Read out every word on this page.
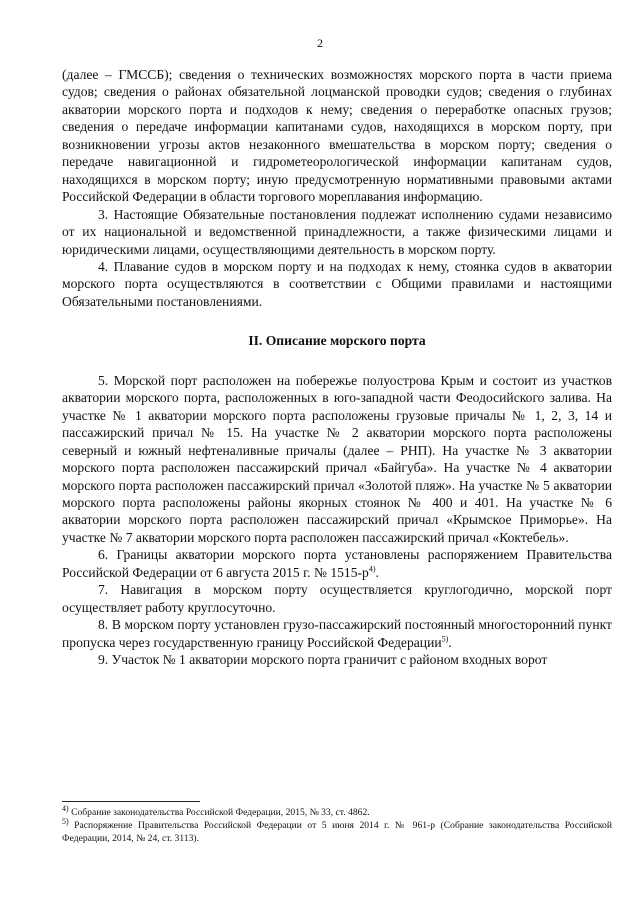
2

(далее – ГМССБ); сведения о технических возможностях морского порта в части приема судов; сведения о районах обязательной лоцманской проводки судов; сведения о глубинах акватории морского порта и подходов к нему; сведения о переработке опасных грузов; сведения о передаче информации капитанами судов, находящихся в морском порту, при возникновении угрозы актов незаконного вмешательства в морском порту; сведения о передаче навигационной и гидрометеорологической информации капитанам судов, находящихся в морском порту; иную предусмотренную нормативными правовыми актами Российской Федерации в области торгового мореплавания информацию.

3. Настоящие Обязательные постановления подлежат исполнению судами независимо от их национальной и ведомственной принадлежности, а также физическими лицами и юридическими лицами, осуществляющими деятельность в морском порту.

4. Плавание судов в морском порту и на подходах к нему, стоянка судов в акватории морского порта осуществляются в соответствии с Общими правилами и настоящими Обязательными постановлениями.

II. Описание морского порта

5. Морской порт расположен на побережье полуострова Крым и состоит из участков акватории морского порта, расположенных в юго-западной части Феодосийского залива. На участке № 1 акватории морского порта расположены грузовые причалы № 1, 2, 3, 14 и пассажирский причал № 15. На участке № 2 акватории морского порта расположены северный и южный нефтеналивные причалы (далее – РНП). На участке № 3 акватории морского порта расположен пассажирский причал «Байгуба». На участке № 4 акватории морского порта расположен пассажирский причал «Золотой пляж». На участке № 5 акватории морского порта расположены районы якорных стоянок № 400 и 401. На участке № 6 акватории морского порта расположен пассажирский причал «Крымское Приморье». На участке № 7 акватории морского порта расположен пассажирский причал «Коктебель».

6. Границы акватории морского порта установлены распоряжением Правительства Российской Федерации от 6 августа 2015 г. № $1515-р^{4)}$.

7. Навигация в морском порту осуществляется круглогодично, морской порт осуществляет работу круглосуточно.

8. В морском порту установлен грузо-пассажирский постоянный многосторонний пункт пропуска через государственную границу Российской Федерации$^{5)}$.

9. Участок № 1 акватории морского порта граничит с районом входных ворот

$^{4)}$ Собрание законодательства Российской Федерации, 2015, № 33, ст. 4862.

$^{5)}$ Распоряжение Правительства Российской Федерации от 5 июня 2014 г. № 961-р (Собрание законодательства Российской Федерации, 2014, № 24, ст. 3113).
